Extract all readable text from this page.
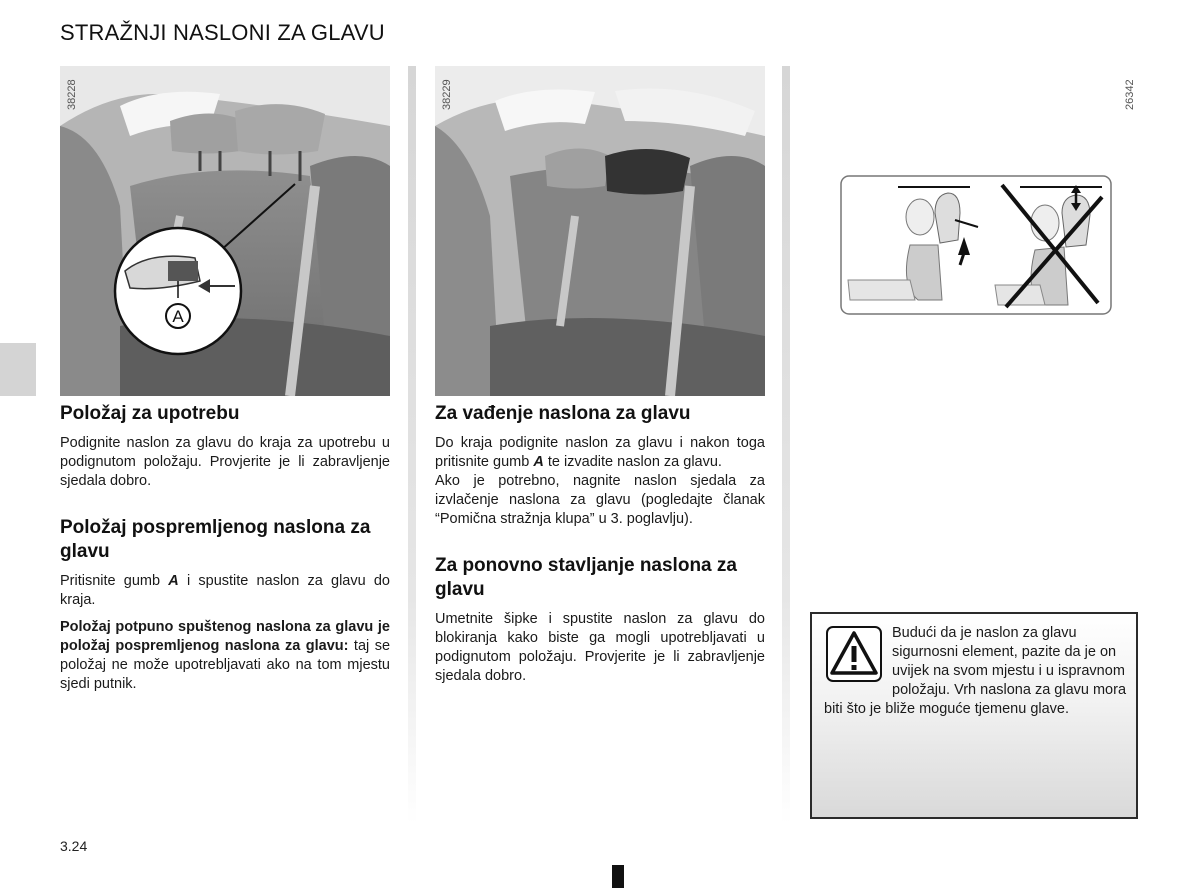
STRAŽNJI NASLONI ZA GLAVU
A
38228	38229	26342
Položaj za upotrebu

Podignite naslon za glavu do kraja za upotrebu u podignutom položaju. Provjerite je li zabravljenje sjedala dobro.

Položaj pospremljenog naslona za glavu

Pritisnite gumb A i spustite naslon za glavu do kraja.

Položaj potpuno spuštenog naslona za glavu je položaj pospremljenog naslona za glavu: taj se položaj ne može upotrebljavati ako na tom mjestu sjedi putnik.

Za vađenje naslona za glavu

Do kraja podignite naslon za glavu i nakon toga pritisnite gumb A te izvadite naslon za glavu.

Ako je potrebno, nagnite naslon sjedala za izvlačenje naslona za glavu (pogledajte članak “Pomična stražnja klupa” u 3. poglavlju).

Za ponovno stavljanje naslona za glavu

Umetnite šipke i spustite naslon za glavu do blokiranja kako biste ga mogli upotrebljavati u podignutom položaju. Provjerite je li zabravljenje sjedala dobro.

Budući da je naslon za glavu sigurnosni element, pazite da je on uvijek na svom mjestu i u ispravnom položaju. Vrh naslona za glavu mora biti što je bliže moguće tjemenu glave.
3.24
